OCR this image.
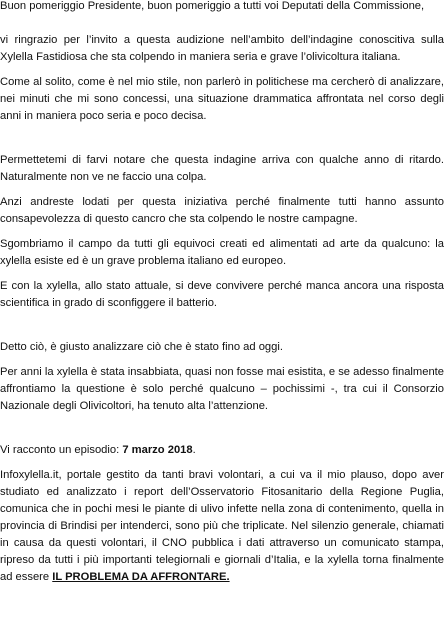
Buon pomeriggio Presidente, buon pomeriggio a tutti voi Deputati della Commissione,

vi ringrazio per l’invito a questa audizione nell’ambito dell’indagine conoscitiva sulla Xylella Fastidiosa che sta colpendo in maniera seria e grave l’olivicoltura italiana.

Come al solito, come è nel mio stile, non parlerò in politichese ma cercherò di analizzare, nei minuti che mi sono concessi, una situazione drammatica affrontata nel corso degli anni in maniera poco seria e poco decisa.

Permettetemi di farvi notare che questa indagine arriva con qualche anno di ritardo. Naturalmente non ve ne faccio una colpa.

Anzi andreste lodati per questa iniziativa perché finalmente tutti hanno assunto consapevolezza di questo cancro che sta colpendo le nostre campagne.

Sgombriamo il campo da tutti gli equivoci creati ed alimentati ad arte da qualcuno: la xylella esiste ed è un grave problema italiano ed europeo.

E con la xylella, allo stato attuale, si deve convivere perché manca ancora una risposta scientifica in grado di sconfiggere il batterio.

Detto ciò, è giusto analizzare ciò che è stato fino ad oggi.

Per anni la xylella è stata insabbiata, quasi non fosse mai esistita, e se adesso finalmente affrontiamo la questione è solo perché qualcuno – pochissimi -, tra cui il Consorzio Nazionale degli Olivicoltori, ha tenuto alta l’attenzione.

Vi racconto un episodio: 7 marzo 2018.

Infoxylella.it, portale gestito da tanti bravi volontari, a cui va il mio plauso, dopo aver studiato ed analizzato i report dell’Osservatorio Fitosanitario della Regione Puglia, comunica che in pochi mesi le piante di ulivo infette nella zona di contenimento, quella in provincia di Brindisi per intenderci, sono più che triplicate. Nel silenzio generale, chiamati in causa da questi volontari, il CNO pubblica i dati attraverso un comunicato stampa, ripreso da tutti i più importanti telegiornali e giornali d’Italia, e la xylella torna finalmente ad essere IL PROBLEMA DA AFFRONTARE.
